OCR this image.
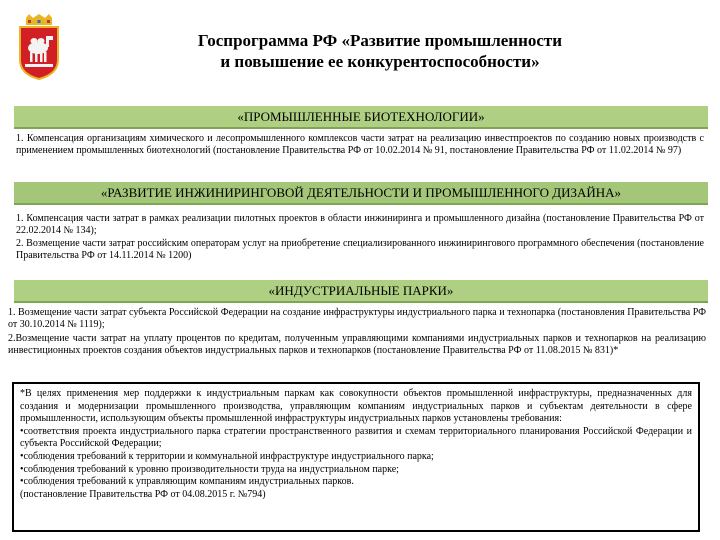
Госпрограмма РФ «Развитие промышленности
и повышение ее конкурентоспособности»
«ПРОМЫШЛЕННЫЕ БИОТЕХНОЛОГИИ»
1. Компенсация организациям химического и лесопромышленного комплексов части затрат на реализацию инвестпроектов по созданию новых производств с применением промышленных биотехнологий (постановление Правительства РФ от 10.02.2014 № 91, постановление Правительства РФ от 11.02.2014 № 97)
«РАЗВИТИЕ ИНЖИНИРИНГОВОЙ ДЕЯТЕЛЬНОСТИ И ПРОМЫШЛЕННОГО ДИЗАЙНА»
1. Компенсация части затрат в рамках реализации пилотных проектов в области инжиниринга и промышленного дизайна (постановление Правительства РФ от 22.02.2014 № 134);
2. Возмещение части затрат российским операторам услуг на приобретение специализированного инжинирингового программного обеспечения (постановление Правительства РФ от 14.11.2014 № 1200)
«ИНДУСТРИАЛЬНЫЕ ПАРКИ»
1. Возмещение части затрат субъекта Российской Федерации на создание инфраструктуры индустриального парка и технопарка (постановления Правительства РФ от 30.10.2014 № 1119);
2.Возмещение части затрат на уплату процентов по кредитам, полученным управляющими компаниями индустриальных парков и технопарков на реализацию инвестиционных проектов создания объектов индустриальных парков и технопарков (постановление Правительства РФ от 11.08.2015 № 831)*
*В целях применения мер поддержки к индустриальным паркам как совокупности объектов промышленной инфраструктуры, предназначенных для создания и модернизации промышленного производства, управляющим компаниям индустриальных парков и субъектам деятельности в сфере промышленности, использующим объекты промышленной инфраструктуры индустриальных парков установлены требования:
•соответствия проекта индустриального парка стратегии пространственного развития и схемам территориального планирования Российской Федерации и субъекта Российской Федерации;
•соблюдения требований к территории и коммунальной инфраструктуре индустриального парка;
•соблюдения требований к уровню производительности труда на индустриальном парке;
•соблюдения требований к управляющим компаниям индустриальных парков.
(постановление Правительства РФ от 04.08.2015 г. №794)
